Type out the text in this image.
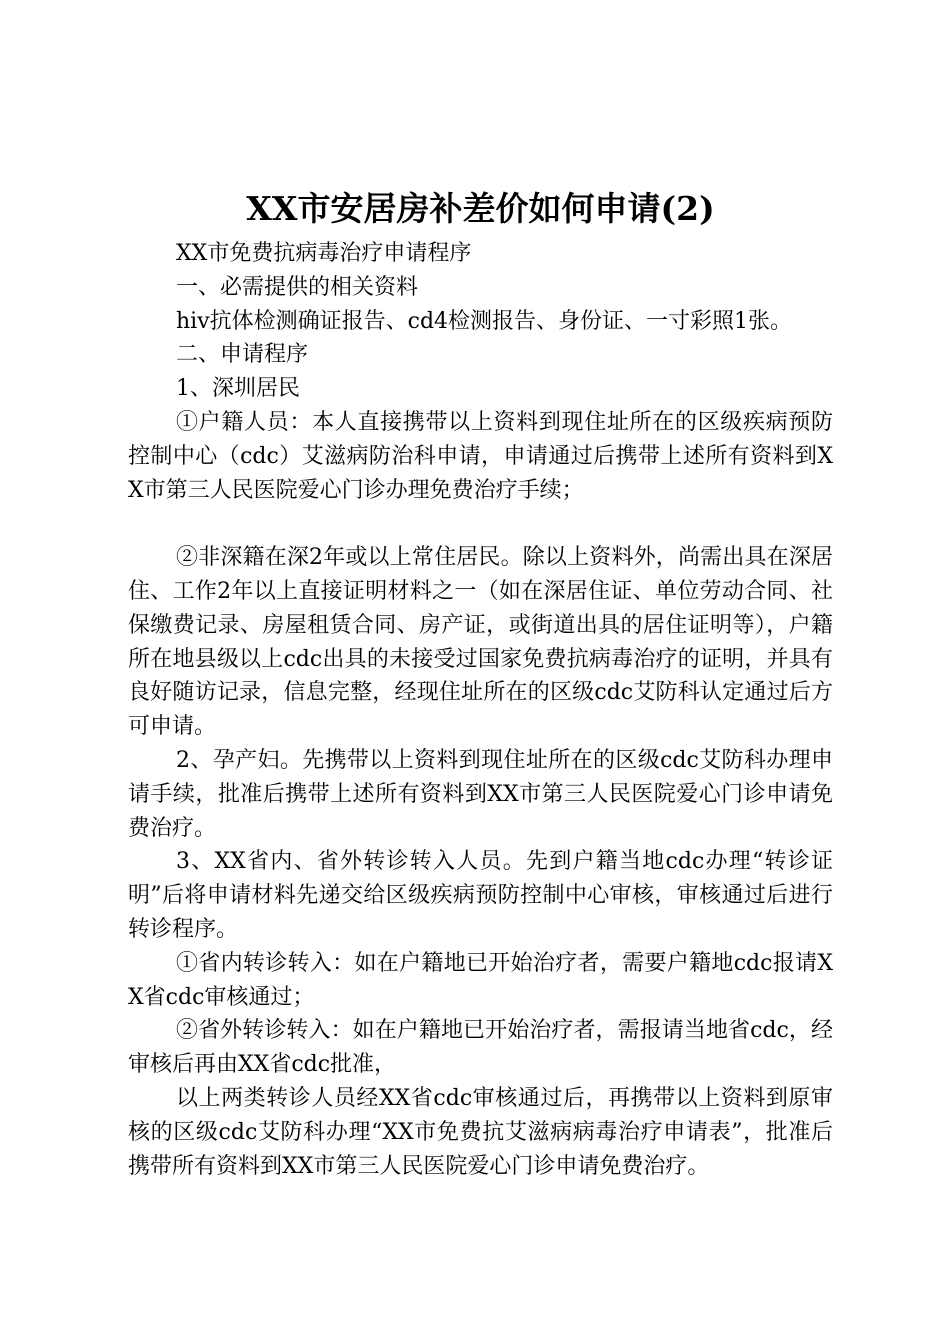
XX市安居房补差价如何申请(2)

XX市免费抗病毒治疗申请程序

一、必需提供的相关资料

hiv抗体检测确证报告、cd4检测报告、身份证、一寸彩照1张。

二、申请程序

1、深圳居民

①户籍人员：本人直接携带以上资料到现住址所在的区级疾病预防控制中心（cdc）艾滋病防治科申请，申请通过后携带上述所有资料到XX市第三人民医院爱心门诊办理免费治疗手续；

②非深籍在深2年或以上常住居民。除以上资料外，尚需出具在深居住、工作2年以上直接证明材料之一（如在深居住证、单位劳动合同、社保缴费记录、房屋租赁合同、房产证，或街道出具的居住证明等），户籍所在地县级以上cdc出具的未接受过国家免费抗病毒治疗的证明，并具有良好随访记录，信息完整，经现住址所在的区级cdc艾防科认定通过后方可申请。

2、孕产妇。先携带以上资料到现住址所在的区级cdc艾防科办理申请手续，批准后携带上述所有资料到XX市第三人民医院爱心门诊申请免费治疗。

3、XX省内、省外转诊转入人员。先到户籍当地cdc办理“转诊证明”后将申请材料先递交给区级疾病预防控制中心审核，审核通过后进行转诊程序。

①省内转诊转入：如在户籍地已开始治疗者，需要户籍地cdc报请XX省cdc审核通过；

②省外转诊转入：如在户籍地已开始治疗者，需报请当地省cdc，经审核后再由XX省cdc批准，

以上两类转诊人员经XX省cdc审核通过后，再携带以上资料到原审核的区级cdc艾防科办理“XX市免费抗艾滋病病毒治疗申请表”，批准后携带所有资料到XX市第三人民医院爱心门诊申请免费治疗。
